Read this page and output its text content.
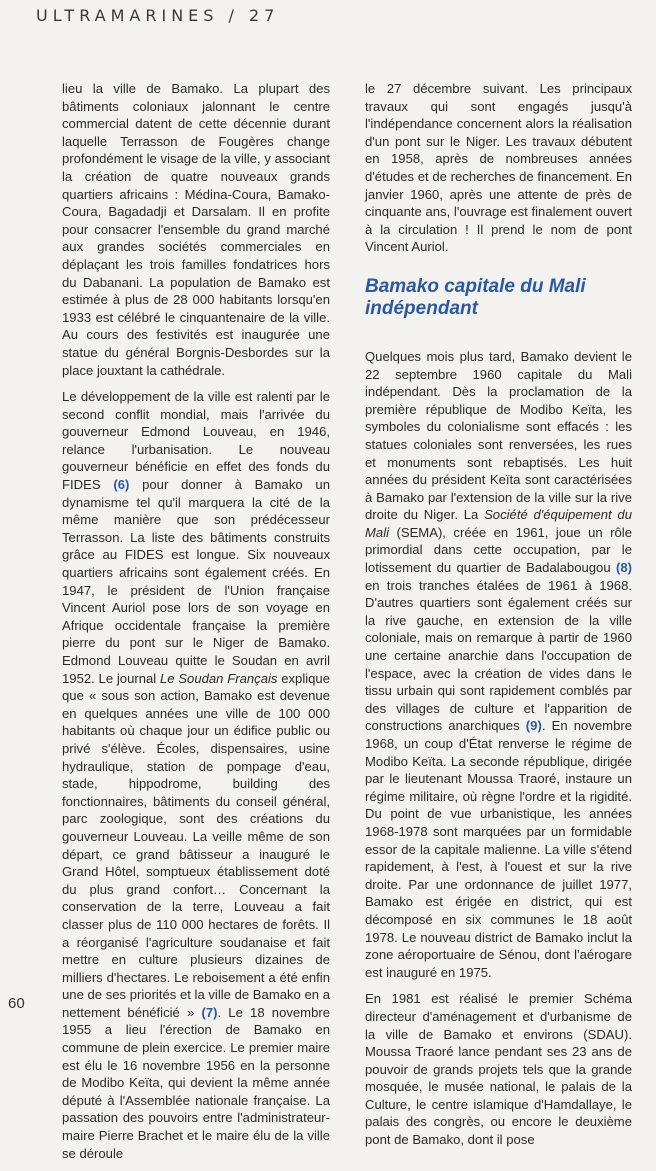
ULTRAMARINES / 27

lieu la ville de Bamako. La plupart des bâtiments coloniaux jalonnant le centre commercial datent de cette décennie durant laquelle Terrasson de Fougères change profondément le visage de la ville, y associant la création de quatre nouveaux grands quartiers africains : Médina-Coura, Bamako-Coura, Bagadadji et Darsalam. Il en profite pour consacrer l'ensemble du grand marché aux grandes sociétés commerciales en déplaçant les trois familles fondatrices hors du Dabanani. La population de Bamako est estimée à plus de 28 000 habitants lorsqu'en 1933 est célébré le cinquantenaire de la ville. Au cours des festivités est inaugurée une statue du général Borgnis-Desbordes sur la place jouxtant la cathédrale.

Le développement de la ville est ralenti par le second conflit mondial, mais l'arrivée du gouverneur Edmond Louveau, en 1946, relance l'urbanisation. Le nouveau gouverneur bénéficie en effet des fonds du FIDES (6) pour donner à Bamako un dynamisme tel qu'il marquera la cité de la même manière que son prédécesseur Terrasson. La liste des bâtiments construits grâce au FIDES est longue. Six nouveaux quartiers africains sont également créés. En 1947, le président de l'Union française Vincent Auriol pose lors de son voyage en Afrique occidentale française la première pierre du pont sur le Niger de Bamako. Edmond Louveau quitte le Soudan en avril 1952. Le journal Le Soudan Français explique que « sous son action, Bamako est devenue en quelques années une ville de 100 000 habitants où chaque jour un édifice public ou privé s'élève. Écoles, dispensaires, usine hydraulique, station de pompage d'eau, stade, hippodrome, building des fonctionnaires, bâtiments du conseil général, parc zoologique, sont des créations du gouverneur Louveau. La veille même de son départ, ce grand bâtisseur a inauguré le Grand Hôtel, somptueux établissement doté du plus grand confort… Concernant la conservation de la terre, Louveau a fait classer plus de 110 000 hectares de forêts. Il a réorganisé l'agriculture soudanaise et fait mettre en culture plusieurs dizaines de milliers d'hectares. Le reboisement a été enfin une de ses priorités et la ville de Bamako en a nettement bénéficié » (7). Le 18 novembre 1955 a lieu l'érection de Bamako en commune de plein exercice. Le premier maire est élu le 16 novembre 1956 en la personne de Modibo Keïta, qui devient la même année député à l'Assemblée nationale française. La passation des pouvoirs entre l'administrateur-maire Pierre Brachet et le maire élu de la ville se déroule

le 27 décembre suivant. Les principaux travaux qui sont engagés jusqu'à l'indépendance concernent alors la réalisation d'un pont sur le Niger. Les travaux débutent en 1958, après de nombreuses années d'études et de recherches de financement. En janvier 1960, après une attente de près de cinquante ans, l'ouvrage est finalement ouvert à la circulation ! Il prend le nom de pont Vincent Auriol.

Bamako capitale du Mali indépendant

Quelques mois plus tard, Bamako devient le 22 septembre 1960 capitale du Mali indépendant. Dès la proclamation de la première république de Modibo Keïta, les symboles du colonialisme sont effacés : les statues coloniales sont renversées, les rues et monuments sont rebaptisés. Les huit années du président Keïta sont caractérisées à Bamako par l'extension de la ville sur la rive droite du Niger. La Société d'équipement du Mali (SEMA), créée en 1961, joue un rôle primordial dans cette occupation, par le lotissement du quartier de Badalabougou (8) en trois tranches étalées de 1961 à 1968. D'autres quartiers sont également créés sur la rive gauche, en extension de la ville coloniale, mais on remarque à partir de 1960 une certaine anarchie dans l'occupation de l'espace, avec la création de vides dans le tissu urbain qui sont rapidement comblés par des villages de culture et l'apparition de constructions anarchiques (9). En novembre 1968, un coup d'État renverse le régime de Modibo Keïta. La seconde république, dirigée par le lieutenant Moussa Traoré, instaure un régime militaire, où règne l'ordre et la rigidité. Du point de vue urbanistique, les années 1968-1978 sont marquées par un formidable essor de la capitale malienne. La ville s'étend rapidement, à l'est, à l'ouest et sur la rive droite. Par une ordonnance de juillet 1977, Bamako est érigée en district, qui est décomposé en six communes le 18 août 1978. Le nouveau district de Bamako inclut la zone aéroportuaire de Sénou, dont l'aérogare est inauguré en 1975.

En 1981 est réalisé le premier Schéma directeur d'aménagement et d'urbanisme de la ville de Bamako et environs (SDAU). Moussa Traoré lance pendant ses 23 ans de pouvoir de grands projets tels que la grande mosquée, le musée national, le palais de la Culture, le centre islamique d'Hamdallaye, le palais des congrès, ou encore le deuxième pont de Bamako, dont il pose

60
